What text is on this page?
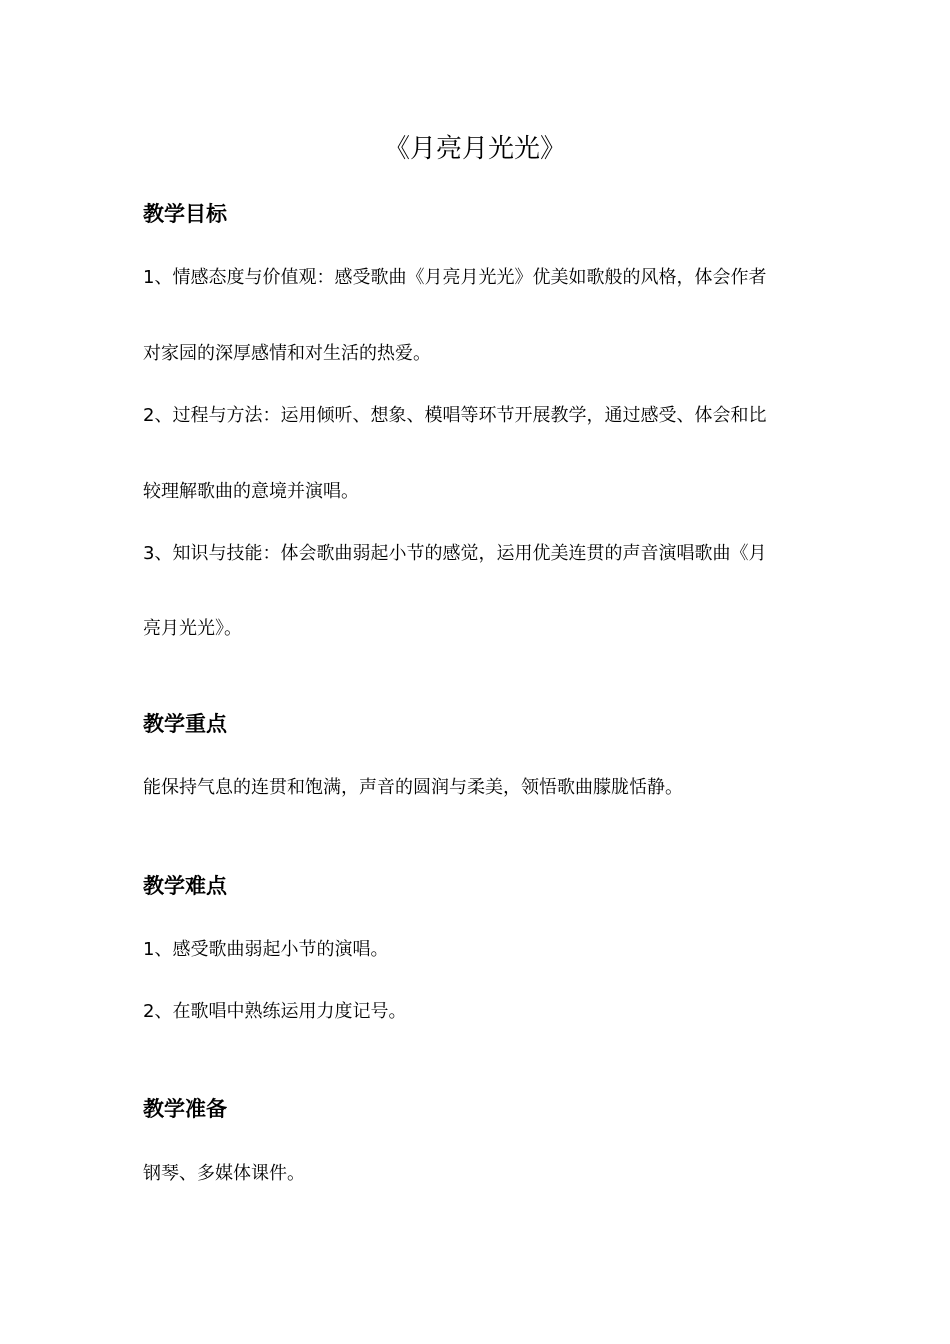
《月亮月光光》
教学目标

1、情感态度与价值观：感受歌曲《月亮月光光》优美如歌般的风格，体会作者

对家园的深厚感情和对生活的热爱。

2、过程与方法：运用倾听、想象、模唱等环节开展教学，通过感受、体会和比

较理解歌曲的意境并演唱。

3、知识与技能：体会歌曲弱起小节的感觉，运用优美连贯的声音演唱歌曲《月

亮月光光》。

教学重点

能保持气息的连贯和饱满，声音的圆润与柔美，领悟歌曲朦胧恬静。

教学难点

1、感受歌曲弱起小节的演唱。

2、在歌唱中熟练运用力度记号。

教学准备

钢琴、多媒体课件。
